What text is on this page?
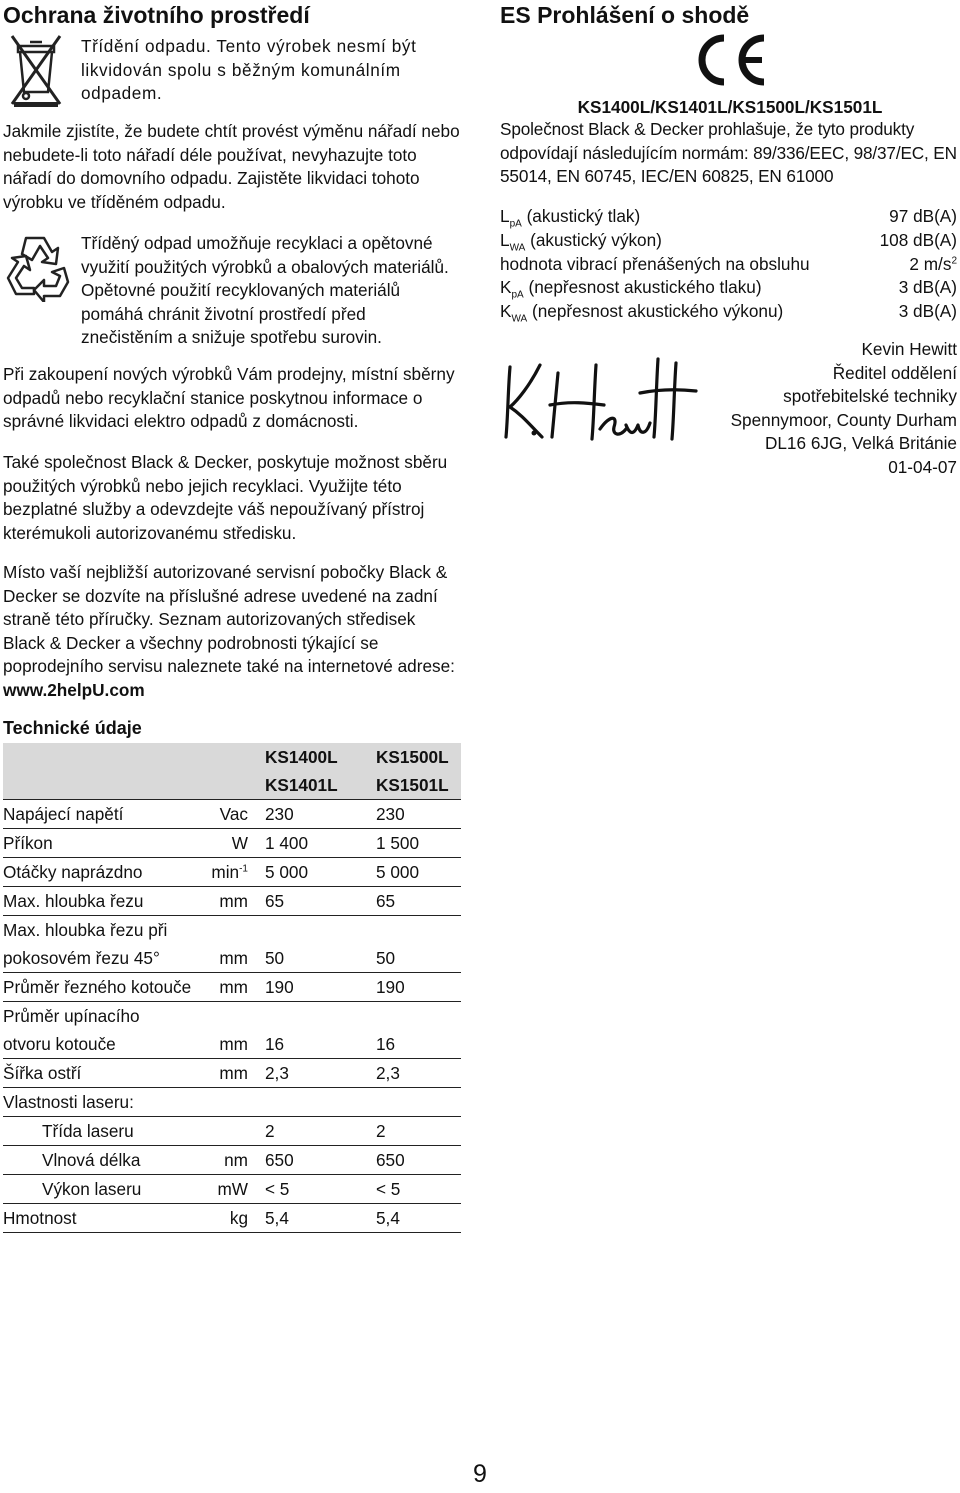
Ochrana životního prostředí

Třídění odpadu. Tento výrobek nesmí být likvidován spolu s běžným komunálním odpadem.

Jakmile zjistíte, že budete chtít provést výměnu nářadí nebo nebudete-li toto nářadí déle používat, nevyhazujte toto nářadí do domovního odpadu. Zajistěte likvidaci tohoto výrobku ve tříděném odpadu.

Tříděný odpad umožňuje recyklaci a opětovné využití použitých výrobků a obalových materiálů. Opětovné použití recyklovaných materiálů pomáhá chránit životní prostředí před znečistěním a snižuje spotřebu surovin.

Při zakoupení nových výrobků Vám prodejny, místní sběrny odpadů nebo recyklační stanice poskytnou informace o správné likvidaci elektro odpadů z domácnosti.

Také společnost Black & Decker, poskytuje možnost sběru použitých výrobků nebo jejich recyklaci. Využijte této bezplatné služby a odevzdejte váš nepoužívaný přístroj kterémukoli autorizovanému středisku.

Místo vaší nejbližší autorizované servisní pobočky Black & Decker se dozvíte na příslušné adrese uvedené na zadní straně této příručky. Seznam autorizovaných středisek Black & Decker a všechny podrobnosti týkající se poprodejního servisu naleznete také na internetové adrese: www.2helpU.com

Technické údaje
KS1400L KS1500L
KS1401L KS1501L
Napájecí napětí	Vac 230	230
Příkon	W 1 400	1 500
Otáčky naprázdno	$\min^{-1} 5$ 000	5 000
Max. hloubka řezu	mm 65	65
Max. hloubka řezu při
pokosovém řezu 45°	mm 50	50
Průměr řezného kotouče mm 190	190
Průměr upínacího
otvoru kotouče	mm 16	16
Šířka ostří	mm 2,3	2,3
Vlastnosti laseru:
Třída laseru	2	2
Vlnová délka	nm 650	650
Výkon laseru	mW < 5	< 5
Hmotnost	kg 5,4	5,4
ES Prohlášení o shodě

KS1400L/KS1401L/KS1500L/KS1501L

Společnost Black & Decker prohlašuje, že tyto produkty odpovídají následujícím normám: 89/336/EEC, 98/37/EC, EN 55014, EN 60745, IEC/EN 60825, EN 61000

$L_{pA}$ (akustický tlak)	97 dB(A)
$L_{WA}$ (akustický výkon)	108 dB(A)
hodnota vibrací přenášených na obsluhu	2 $m/s^2$
$K_{pA}$ (nepřesnost akustického tlaku)	3 dB(A)
$K_{WA}$ (nepřesnost akustického výkonu)	3 dB(A)
Kevin Hewitt
Ředitel oddělení
spotřebitelské techniky
Spennymoor, County Durham
DL16 6JG, Velká Británie
01-04-07
9
